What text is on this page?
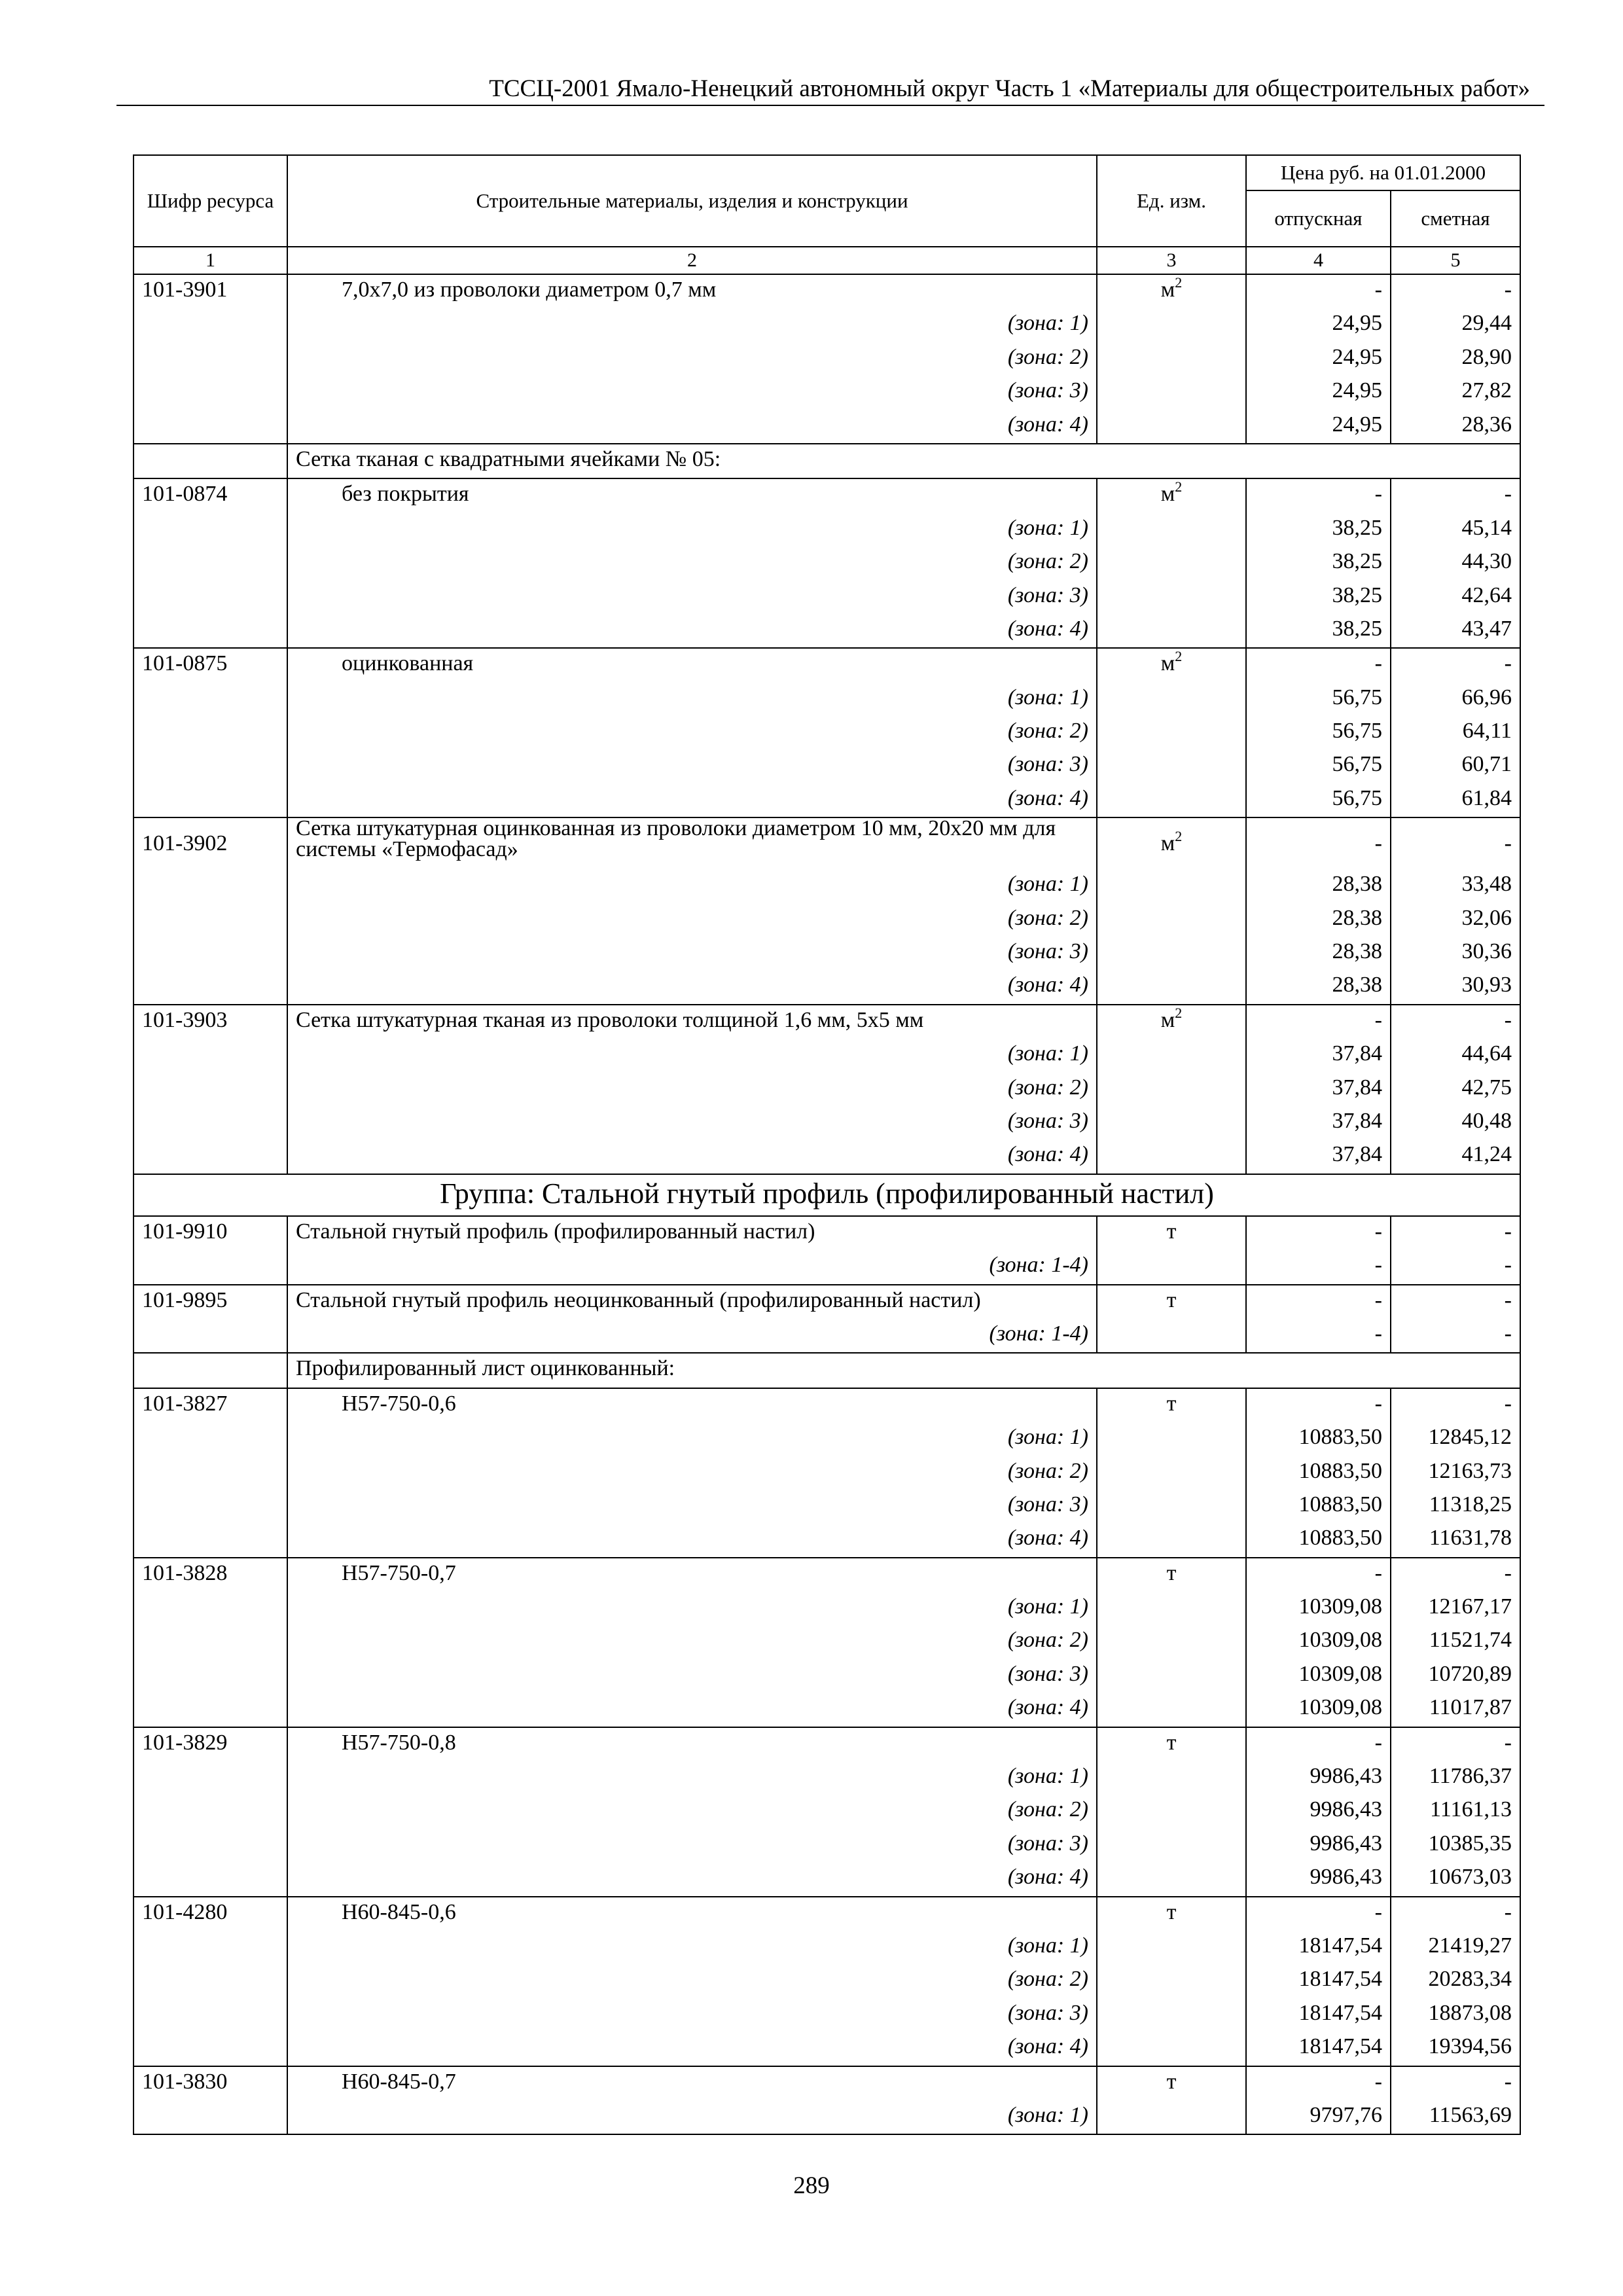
ТССЦ-2001 Ямало-Ненецкий автономный округ Часть 1 «Материалы для общестроительных работ»
Шифр ресурса	Строительные материалы, изделия и конструкции	Ед. изм.	Цена руб. на 01.01.2000	
			отпускная	сметная
1	2	3	4	5
101-3901	7,0х7,0 из проволоки диаметром 0,7 мм	$м^2$	-	-
	(зона: 1)		24,95	29,44
	(зона: 2)		24,95	28,90
	(зона: 3)		24,95	27,82
	(зона: 4)		24,95	28,36
	Сетка тканая с квадратными ячейками № 05:			
101-0874	без покрытия	$м^2$	-	-
	(зона: 1)		38,25	45,14
	(зона: 2)		38,25	44,30
	(зона: 3)		38,25	42,64
	(зона: 4)		38,25	43,47
101-0875	оцинкованная	$м^2$	-	-
	(зона: 1)		56,75	66,96
	(зона: 2)		56,75	64,11
	(зона: 3)		56,75	60,71
	(зона: 4)		56,75	61,84
101-3902	Сетка штукатурная оцинкованная из проволоки диаметром 10 мм, 20х20 мм для системы «Термофасад»	$м^2$	-	-
	(зона: 1)		28,38	33,48
	(зона: 2)		28,38	32,06
	(зона: 3)		28,38	30,36
	(зона: 4)		28,38	30,93
101-3903	Сетка штукатурная тканая из проволоки толщиной 1,6 мм, 5х5 мм	$м^2$	-	-
	(зона: 1)		37,84	44,64
	(зона: 2)		37,84	42,75
	(зона: 3)		37,84	40,48
	(зона: 4)		37,84	41,24
Группа: Стальной гнутый профиль (профилированный настил)				
101-9910	Стальной гнутый профиль (профилированный настил)	т	-	-
	(зона: 1-4)		-	-
101-9895	Стальной гнутый профиль неоцинкованный (профилированный настил)	т	-	-
	(зона: 1-4)		-	-
	Профилированный лист оцинкованный:			
101-3827	Н57-750-0,6	т	-	-
	(зона: 1)		10883,50	12845,12
	(зона: 2)		10883,50	12163,73
	(зона: 3)		10883,50	11318,25
	(зона: 4)		10883,50	11631,78
101-3828	Н57-750-0,7	т	-	-
	(зона: 1)		10309,08	12167,17
	(зона: 2)		10309,08	11521,74
	(зона: 3)		10309,08	10720,89
	(зона: 4)		10309,08	11017,87
101-3829	Н57-750-0,8	т	-	-
	(зона: 1)		9986,43	11786,37
	(зона: 2)		9986,43	11161,13
	(зона: 3)		9986,43	10385,35
	(зона: 4)		9986,43	10673,03
101-4280	Н60-845-0,6	т	-	-
	(зона: 1)		18147,54	21419,27
	(зона: 2)		18147,54	20283,34
	(зона: 3)		18147,54	18873,08
	(зона: 4)		18147,54	19394,56
101-3830	Н60-845-0,7	т	-	-
	(зона: 1)		9797,76	11563,69
289
